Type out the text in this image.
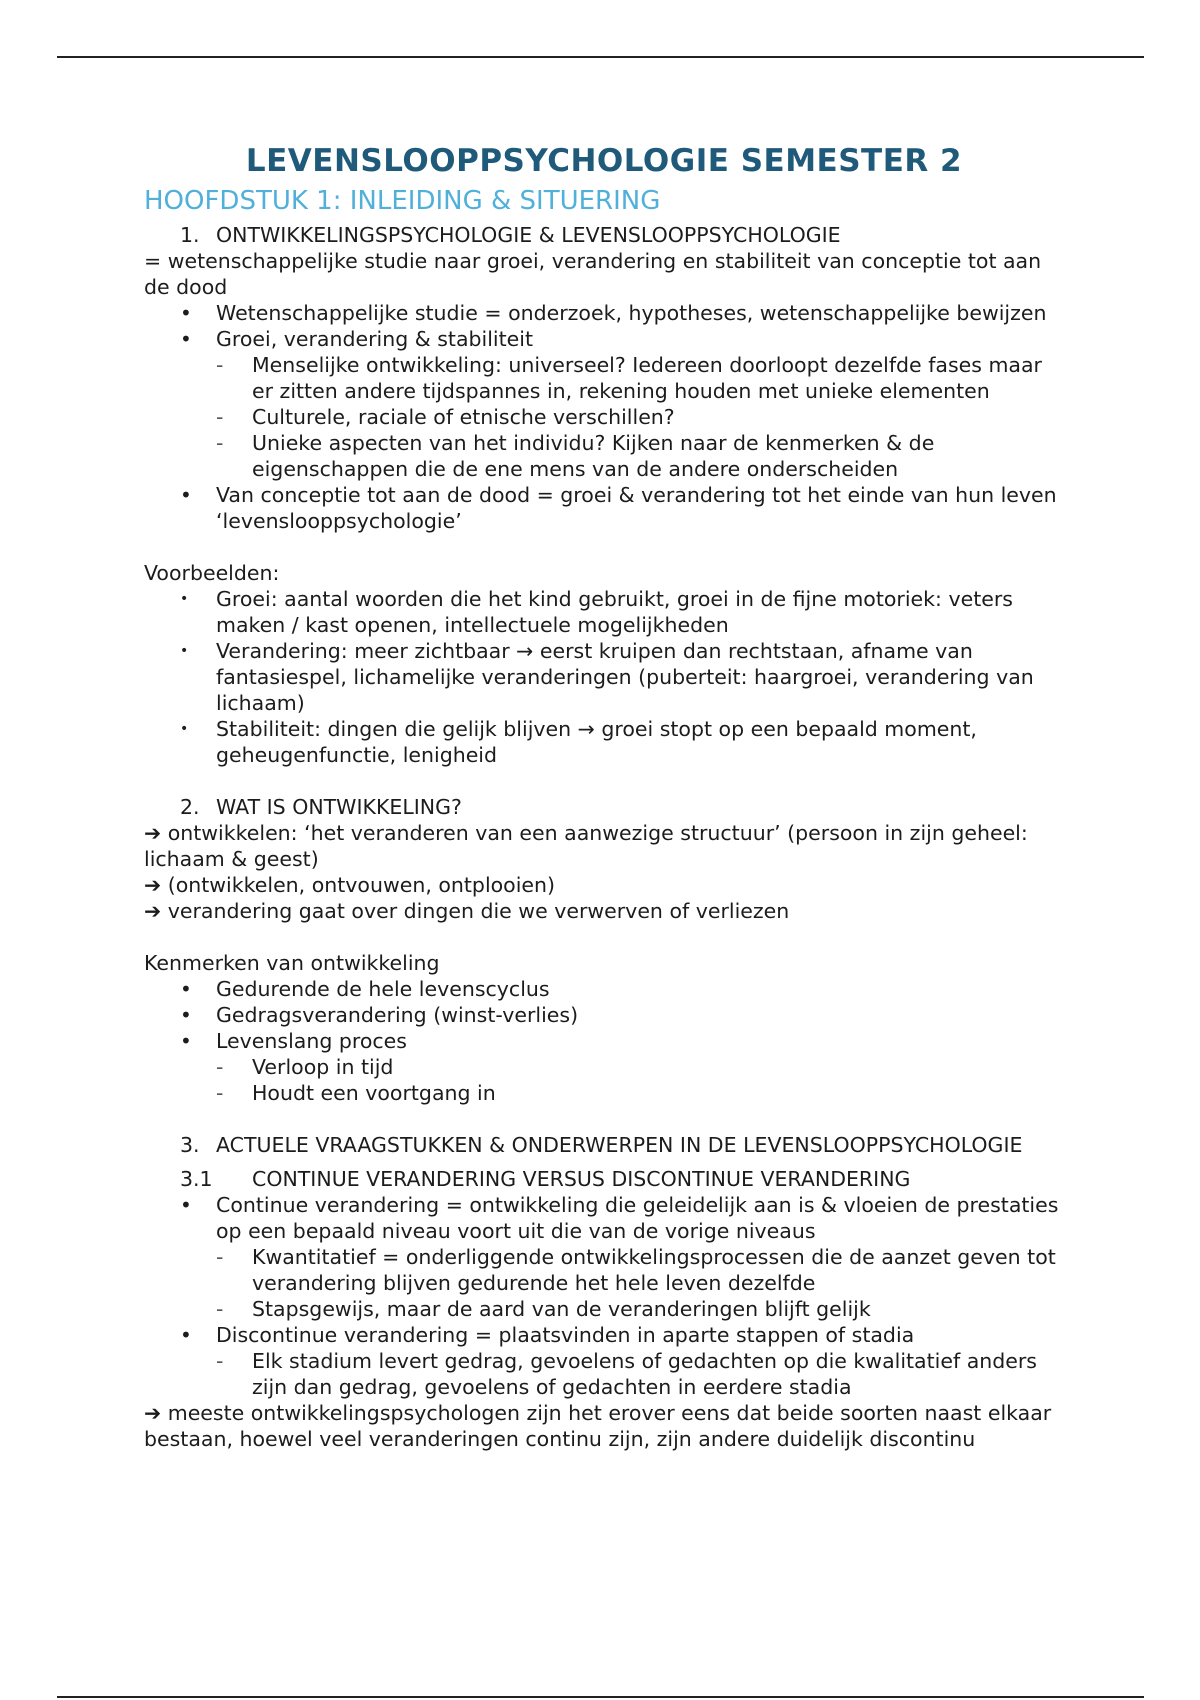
LEVENSLOOPPSYCHOLOGIE SEMESTER 2
HOOFDSTUK 1: INLEIDING & SITUERING
1. ONTWIKKELINGSPSYCHOLOGIE & LEVENSLOOPPSYCHOLOGIE

= wetenschappelijke studie naar groei, verandering en stabiliteit van conceptie tot aan de dood

• Wetenschappelijke studie = onderzoek, hypotheses, wetenschappelijke bewijzen
• Groei, verandering & stabiliteit
- Menselijke ontwikkeling: universeel? Iedereen doorloopt dezelfde fases maar er zitten andere tijdspannes in, rekening houden met unieke elementen
- Culturele, raciale of etnische verschillen?
- Unieke aspecten van het individu? Kijken naar de kenmerken & de eigenschappen die de ene mens van de andere onderscheiden
• Van conceptie tot aan de dood = groei & verandering tot het einde van hun leven ‘levenslooppsychologie’

Voorbeelden:

• Groei: aantal woorden die het kind gebruikt, groei in de fijne motoriek: veters maken / kast openen, intellectuele mogelijkheden
• Verandering: meer zichtbaar → eerst kruipen dan rechtstaan, afname van fantasiespel, lichamelijke veranderingen (puberteit: haargroei, verandering van lichaam)
• Stabiliteit: dingen die gelijk blijven → groei stopt op een bepaald moment, geheugenfunctie, lenigheid
2. WAT IS ONTWIKKELING?

➔ ontwikkelen: ‘het veranderen van een aanwezige structuur’ (persoon in zijn geheel: lichaam & geest)

➔ (ontwikkelen, ontvouwen, ontplooien)

➔ verandering gaat over dingen die we verwerven of verliezen

Kenmerken van ontwikkeling

• Gedurende de hele levenscyclus
• Gedragsverandering (winst-verlies)
• Levenslang proces
- Verloop in tijd
- Houdt een voortgang in
3. ACTUELE VRAAGSTUKKEN & ONDERWERPEN IN DE LEVENSLOOPPSYCHOLOGIE
3.1 CONTINUE VERANDERING VERSUS DISCONTINUE VERANDERING
• Continue verandering = ontwikkeling die geleidelijk aan is & vloeien de prestaties op een bepaald niveau voort uit die van de vorige niveaus
- Kwantitatief = onderliggende ontwikkelingsprocessen die de aanzet geven tot verandering blijven gedurende het hele leven dezelfde
- Stapsgewijs, maar de aard van de veranderingen blijft gelijk
• Discontinue verandering = plaatsvinden in aparte stappen of stadia
- Elk stadium levert gedrag, gevoelens of gedachten op die kwalitatief anders zijn dan gedrag, gevoelens of gedachten in eerdere stadia

➔ meeste ontwikkelingspsychologen zijn het erover eens dat beide soorten naast elkaar bestaan, hoewel veel veranderingen continu zijn, zijn andere duidelijk discontinu
